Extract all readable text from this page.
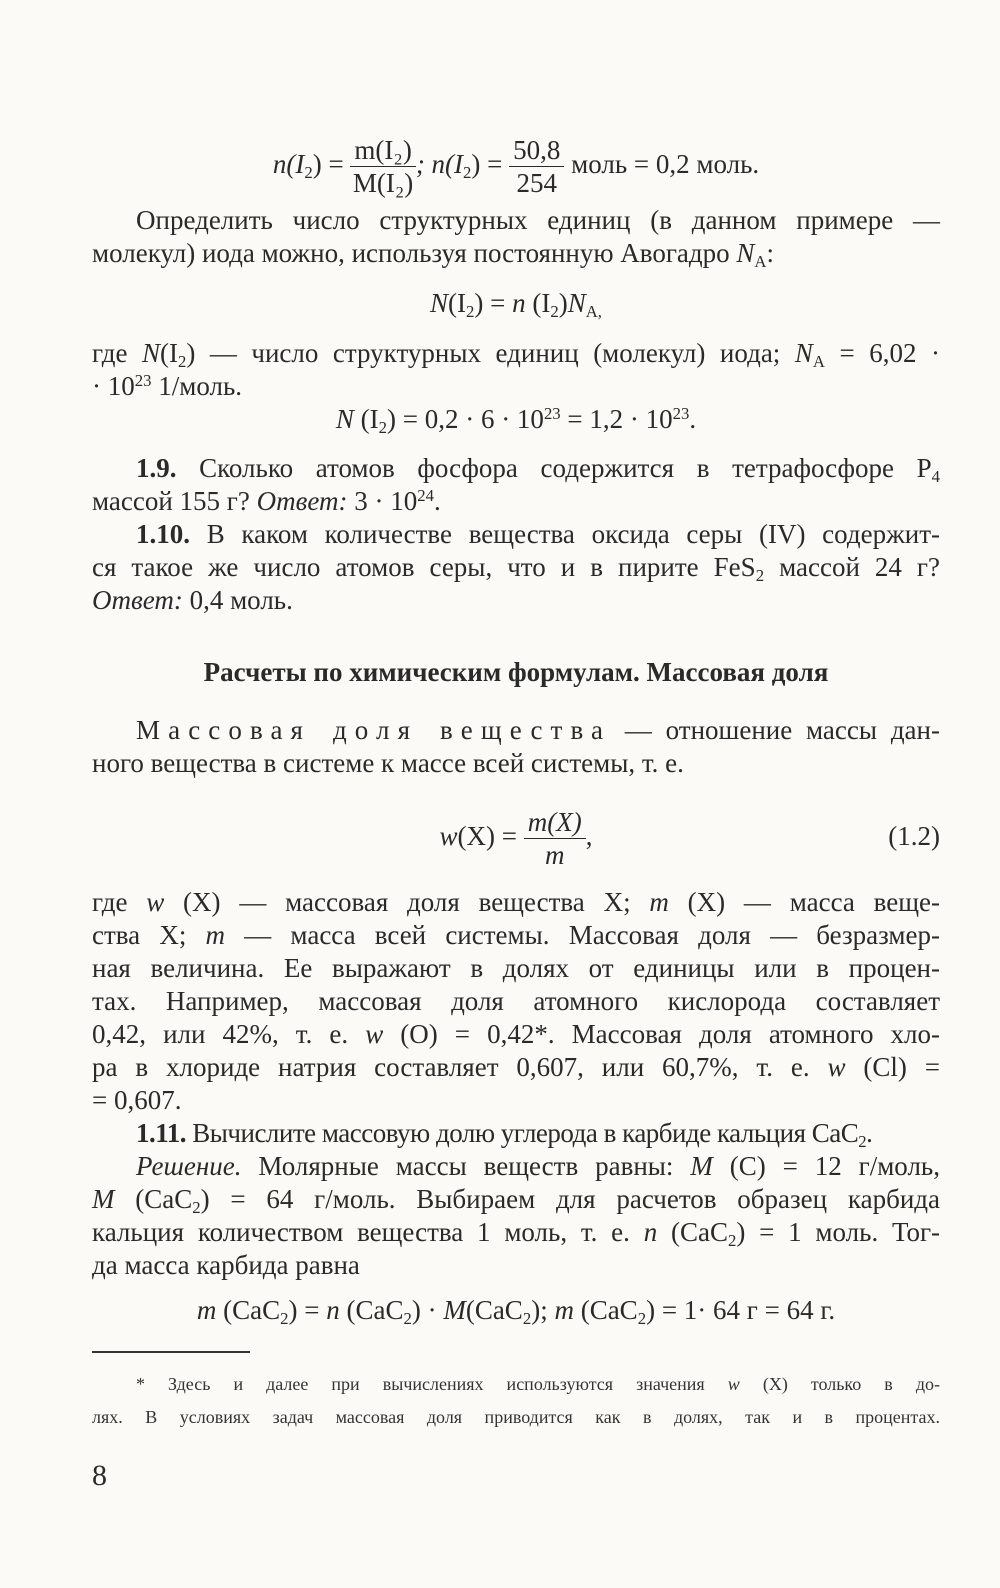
$n(I_2) = \frac{\text{m(I₂)}}{\text{M(I₂)}}$ ; $n(I_2) = \frac{50,8}{254}$ моль = 0,2 моль.
Определить число структурных единиц (в данном примере —
молекул) иода можно, используя постоянную Авогадро $N_A$:
$N(I_2) = n$ $(I_2)N_{A,}$
где $N(I_2)$ — число структурных единиц (молекул) иода; $N_A = 6,02$ ·
· $10^{23}$ 1/моль.
N $(I_2) = 0,2 \cdot 6 \cdot 10^{23} = 1,2 \cdot 10^{23}$.
1.9. Сколько атомов фосфора содержится в тетрафосфоре $P_4$
массой 155 г? Ответ: $3 \cdot 10^{24}$.
1.10. В каком количестве вещества оксида серы (IV) содержит-
ся такое же число атомов серы, что и в пирите FeS$_2$ массой 24 г?
Ответ: 0,4 моль.
Расчеты по химическим формулам. Массовая доля
Массовая доля вещества — отношение массы дан-
ного вещества в системе к массе всей системы, т. е.
$w(X) = \frac{m(X)}{m}$ ,	(1.2)
где w (X) — массовая доля вещества X; m (X) — масса веще-
ства X; m — масса всей системы. Массовая доля — безразмер-
ная величина. Ее выражают в долях от единицы или в процен-
тах. Например, массовая доля атомного кислорода составляет
0,42, или 42%, т. е. w (O) = 0,42*. Массовая доля атомного хло-
ра в хлориде натрия составляет 0,607, или 60,7%, т. е. w (Cl) =
= 0,607.
1.11. Вычислите массовую долю углерода в карбиде кальция CaC$_2$.
Решение. Молярные массы веществ равны: M (C) = 12 г/моль,
M (CaC$_2$) = 64 г/моль. Выбираем для расчетов образец карбида
кальция количеством вещества 1 моль, т. е. n (CaC$_2$) = 1 моль. Тог-
да масса карбида равна
m (CaC$_2$) = n (CaC$_2$) · M(CaC$_2$); m (CaC$_2$) = 1· 64 г = 64 г.
* Здесь и далее при вычислениях используются значения w (X) только в до-
лях. В условиях задач массовая доля приводится как в долях, так и в процентах.
8
